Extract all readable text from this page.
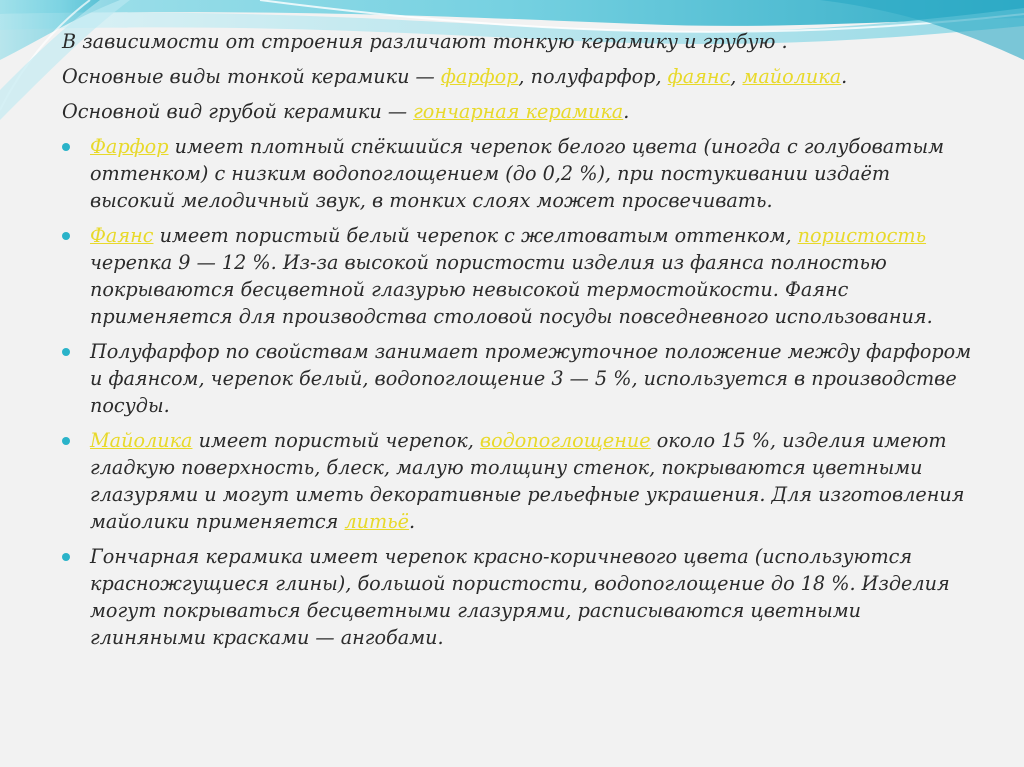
В зависимости от строения различают тонкую керамику и грубую .

Основные виды тонкой керамики — фарфор, полуфарфор, фаянс, майолика.

Основной вид грубой керамики — гончарная керамика.

Фарфор имеет плотный спёкшийся черепок белого цвета (иногда с голубоватым оттенком) с низким водопоглощением (до 0,2 %), при постукивании издаёт высокий мелодичный звук, в тонких слоях может просвечивать.
Фаянс имеет пористый белый черепок с желтоватым оттенком, пористость черепка 9 — 12 %. Из-за высокой пористости изделия из фаянса полностью покрываются бесцветной глазурью невысокой термостойкости. Фаянс применяется для производства столовой посуды повседневного использования.
Полуфарфор по свойствам занимает промежуточное положение между фарфором и фаянсом, черепок белый, водопоглощение 3 — 5 %, используется в производстве посуды.
Майолика имеет пористый черепок, водопоглощение около 15 %, изделия имеют гладкую поверхность, блеск, малую толщину стенок, покрываются цветными глазурями и могут иметь декоративные рельефные украшения. Для изготовления майолики применяется литьё.
Гончарная керамика имеет черепок красно-коричневого цвета (используются красножгущиеся глины), большой пористости, водопоглощение до 18 %. Изделия могут покрываться бесцветными глазурями, расписываются цветными глиняными красками — ангобами.
